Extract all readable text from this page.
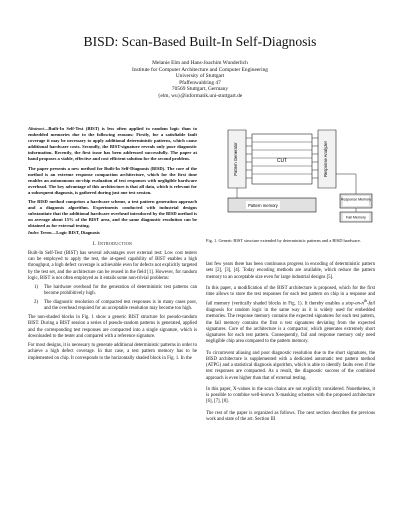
BISD: Scan-Based Built-In Self-Diagnosis
Melanie Elm and Hans-Joachim Wunderlich
Institute for Computer Architecture and Computer Engineering
University of Stuttgart
Pfaffenwaldring 47
70569 Stuttgart, Germany
{elm, wu}@informatik.uni-stuttgart.de

Abstract—Built-In Self-Test (BIST) is less often applied to random logic than to embedded memories due to the following reasons: Firstly, for a satisfiable fault coverage it may be necessary to apply additional deterministic patterns, which cause additional hardware costs. Secondly, the BIST-signature reveals only poor diagnostic information. Recently, the first issue has been addressed successfully. The paper at hand proposes a viable, effective and cost efficient solution for the second problem.

The paper presents a new method for Built-In Self-Diagnosis (BISD). The core of the method is an extreme response compaction architecture, which for the first time enables an autonomous on-chip evaluation of test responses with negligible hardware overhead. The key advantage of this architecture is that all data, which is relevant for a subsequent diagnosis, is gathered during just one test session.

The BISD method comprises a hardware scheme, a test pattern generation approach and a diagnosis algorithm. Experiments conducted with industrial designs substantiate that the additional hardware overhead introduced by the BISD method is on average about 15% of the BIST area, and the same diagnostic resolution can be obtained as for external testing.

Index Terms—Logic BIST, Diagnosis

I. Introduction

Built-In Self-Test (BIST) has several advantages over external test: Low cost testers can be employed to apply the test, the at-speed capability of BIST enables a high throughput, a high defect coverage is achievable even for defects not explicitly targeted by the test set, and the architecture can be reused in the field [1]. However, for random logic, BIST is not often employed as it entails some non-trivial problems:

1) The hardware overhead for the generation of deterministic test patterns can become prohibitively high.
2) The diagnostic resolution of compacted test responses is in many cases poor, and the overhead required for an acceptable resolution may become too high.

The non-shaded blocks in Fig. 1 show a generic BIST structure for pseudo-random BIST. During a BIST session a series of pseudo-random patterns is generated, applied and the corresponding test responses are compacted into a single signature, which is downloaded to the tester and compared with a reference signature.

For most designs, it is necessary to generate additional deterministic patterns in order to achieve a high defect coverage. In that case, a test pattern memory has to be implemented on chip. It corresponds to the horizontally shaded block in Fig. 1. In the

Pattern Generator	CUT	Response Analyzer
Pattern memory
Response Memory
Fail Memory
Fig. 1. Generic BIST structure extended by deterministic patterns and a BISD hardware.

last few years there has been continuous progress in encoding of deterministic pattern sets [2], [3], [4]. Today encoding methods are available, which reduce the pattern memory to an acceptable size even for large industrial designs [5].

In this paper, a modification of the BIST architecture is proposed, which for the first time allows to store the test responses for each test pattern on chip in a response and fail memory (vertically shaded blocks in Fig. 1). It thereby enables a stop-$on-n^{th}$-fail diagnosis for random logic in the same way as it is widely used for embedded memories. The response memory contains the expected signatures for each test pattern, the fail memory contains the first n test signatures deviating from the expected signatures. Core of the architecture is a compactor, which generates extremely short signatures for each test pattern. Consequently, fail and response memory only need negligible chip area compared to the pattern memory.

To circumvent aliasing and poor diagnostic resolution due to the short signatures, the BISD architecture is supplemented with a dedicated automatic test pattern method (ATPG) and a statistical diagnosis algorithm, which is able to identify faults even if the test responses are compacted. As a result, the diagnostic success of the combined approach is even higher than that of external testing.

In this paper, X-values in the scan chains are not explicitly considered. Nonetheless, it is possible to combine well-known X-masking schemes with the proposed architecture [6], [7], [8].

The rest of the paper is organized as follows. The next section describes the previous work and state of the art. Section III
